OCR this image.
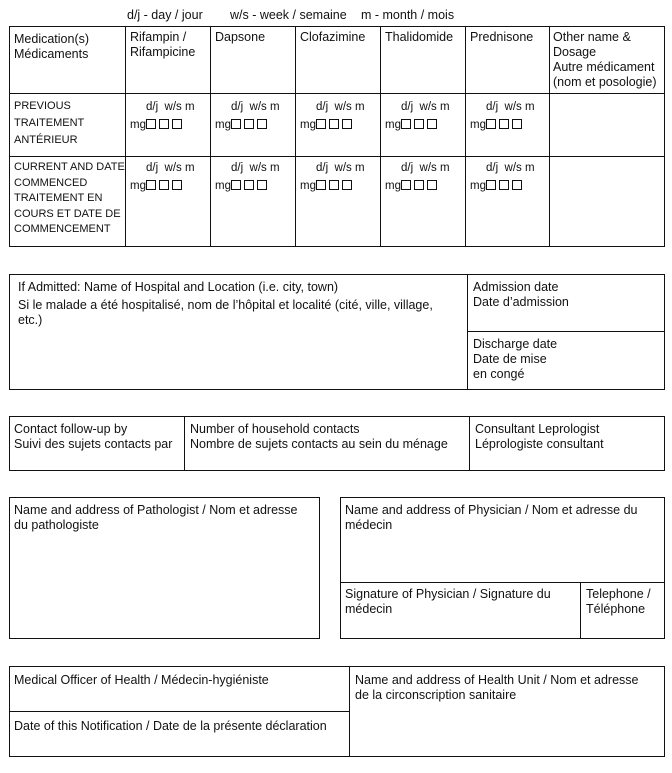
d/j - day / jour w/s - week / semaine m - month / mois
Medication(s)
Médicaments
Rifampin /
Rifampicine
Dapsone	Clofazimine Thalidomide Prednisone Other name &
Dosage
Autre médicament
(nom et posologie)
PREVIOUS
TRAITEMENT
ANTÉRIEUR
CURRENT AND DATE
COMMENCED
TRAITEMENT EN
COURS ET DATE DE
COMMENCEMENT
d/j w/s m
mg
d/j w/s m
mg
d/j w/s m
mg
d/j w/s m
mg
d/j w/s m
mg
d/j w/s m
mg
d/j w/s m
mg
d/j w/s m
mg
d/j w/s m
mg
d/j w/s m
mg
If Admitted: Name of Hospital and Location (i.e. city, town)
Si le malade a été hospitalisé, nom de l’hôpital et localité (cité, ville, village,
etc.)
Admission date
Date d’admission
Discharge date
Date de mise
en congé
Contact follow-up by
Suivi des sujets contacts par
Number of household contacts
Nombre de sujets contacts au sein du ménage
Consultant Leprologist
Léprologiste consultant
Name and address of Pathologist / Nom et adresse
du pathologiste
Name and address of Physician / Nom et adresse du
médecin
Signature of Physician / Signature du
médecin
Telephone /
Téléphone
Medical Officer of Health / Médecin-hygiéniste
Date of this Notification / Date de la présente déclaration
Name and address of Health Unit / Nom et adresse
de la circonscription sanitaire
